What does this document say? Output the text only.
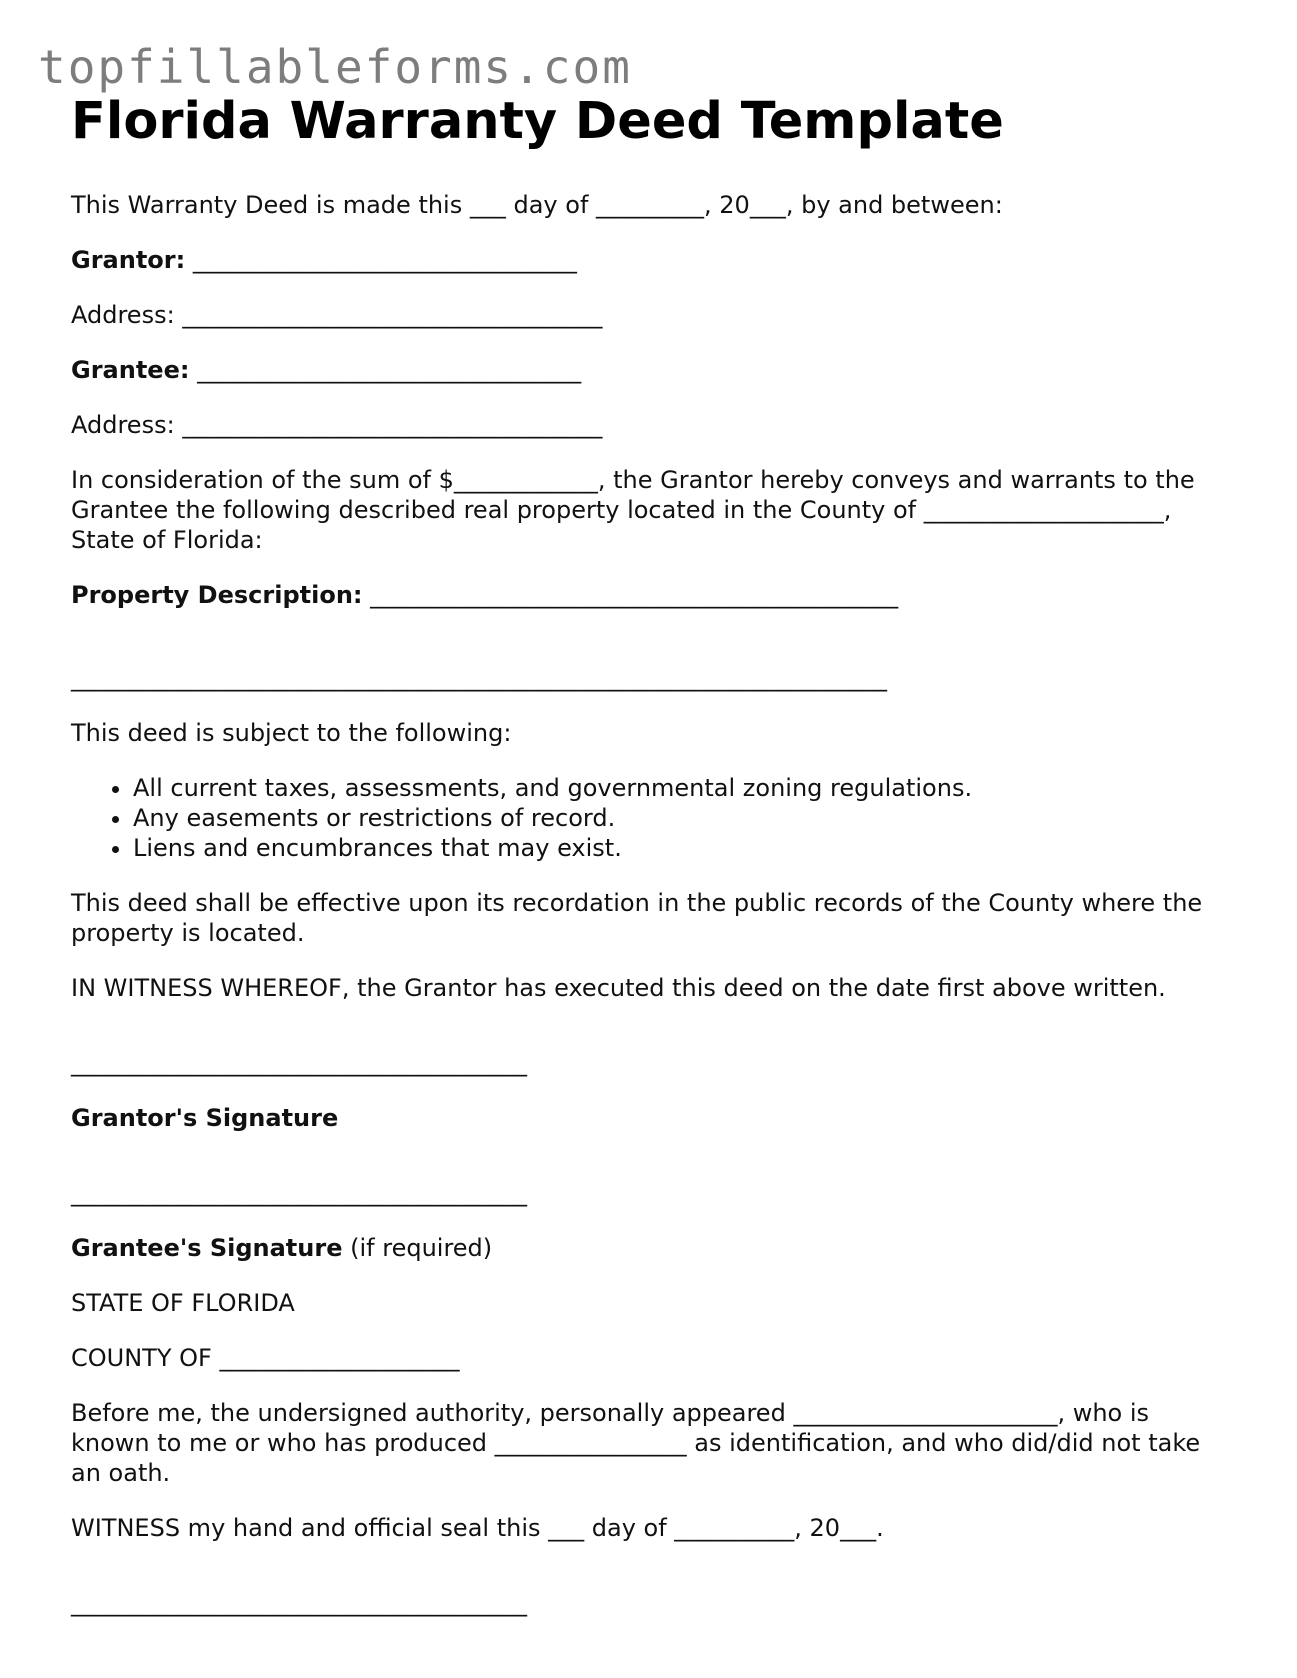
topfillableforms.com
Florida Warranty Deed Template

This Warranty Deed is made this ___ day of _________, 20___, by and between:

Grantor: ________________________________

Address: ___________________________________

Grantee: ________________________________

Address: ___________________________________

In consideration of the sum of $____________, the Grantor hereby conveys and warrants to the Grantee the following described real property located in the County of ____________________, State of Florida:

Property Description: ____________________________________________

____________________________________________________________________

This deed is subject to the following:

• All current taxes, assessments, and governmental zoning regulations.
• Any easements or restrictions of record.
• Liens and encumbrances that may exist.

This deed shall be effective upon its recordation in the public records of the County where the property is located.

IN WITNESS WHEREOF, the Grantor has executed this deed on the date first above written.

______________________________________

Grantor's Signature

______________________________________

Grantee's Signature (if required)

STATE OF FLORIDA

COUNTY OF ____________________

Before me, the undersigned authority, personally appeared ______________________, who is known to me or who has produced ________________ as identification, and who did/did not take an oath.

WITNESS my hand and official seal this ___ day of __________, 20___.

______________________________________
